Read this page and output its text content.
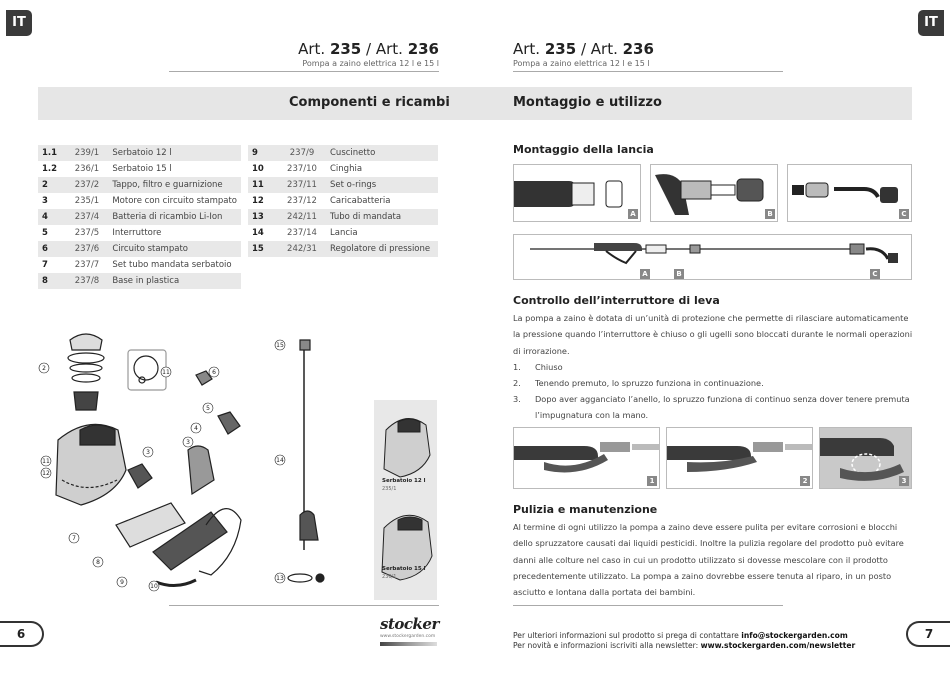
IT	IT
Art. 235 / Art. 236
Pompa a zaino elettrica 12 l e 15 l
Art. 235 / Art. 236
Pompa a zaino elettrica 12 l e 15 l
Componenti e ricambi	Montaggio e utilizzo
1.1	239/1	Serbatoio 12 l
1.2	236/1	Serbatoio 15 l
2	237/2	Tappo, filtro e guarnizione
3	235/1	Motore con circuito stampato
4	237/4	Batteria di ricambio Li-Ion
5	237/5	Interruttore
6	237/6	Circuito stampato
7	237/7	Set tubo mandata serbatoio
8	237/8	Base in plastica
9	237/9	Cuscinetto
10	237/10	Cinghia
11	237/11	Set o-rings
12	237/12	Caricabatteria
13	242/11	Tubo di mandata
14	237/14	Lancia
15	242/31	Regolatore di pressione
2
11	6
5
4
3
3
11
12
7
8
9
10
15
14
13
Serbatoio 12 l
235/1
Serbatoio 15 l
236/1
Montaggio della lancia
A	B	C
A	B	C
Controllo dell’interruttore di leva
La pompa a zaino è dotata di un’unità di protezione che permette di rilasciare automaticamente la pressione quando l’interruttore è chiuso o gli ugelli sono bloccati durante le normali operazioni di irrorazione.
1. Chiuso
2. Tenendo premuto, lo spruzzo funziona in continuazione.
3. Dopo aver agganciato l’anello, lo spruzzo funziona di continuo senza dover tenere premuta l’impugnatura con la mano.
1	2	3
Pulizia e manutenzione
Al termine di ogni utilizzo la pompa a zaino deve essere pulita per evitare corrosioni e blocchi dello spruzzatore causati dai liquidi pesticidi. Inoltre la pulizia regolare del prodotto può evitare danni alle colture nel caso in cui un prodotto utilizzato si dovesse mescolare con il prodotto precedentemente utilizzato. La pompa a zaino dovrebbe essere tenuta al riparo, in un posto asciutto e lontana dalla portata dei bambini.
6	7
stocker
www.stockergarden.com	Per ulteriori informazioni sul prodotto si prega di contattare info@stockergarden.com
Per novità e informazioni iscriviti alla newsletter: www.stockergarden.com/newsletter
